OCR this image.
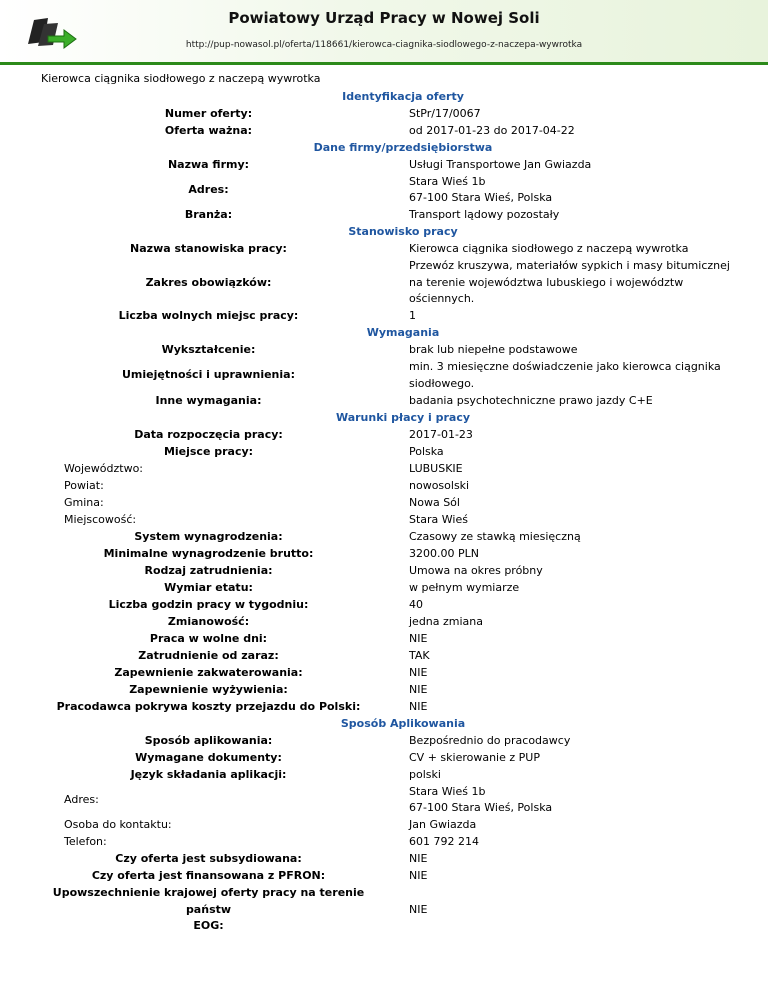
Powiatowy Urząd Pracy w Nowej Soli
http://pup-nowasol.pl/oferta/118661/kierowca-ciagnika-siodlowego-z-naczepa-wywrotka
Kierowca ciągnika siodłowego z naczepą wywrotka
Identyfikacja oferty
Numer oferty:	StPr/17/0067
Oferta ważna:	od 2017-01-23 do 2017-04-22
Dane firmy/przedsiębiorstwa
Nazwa firmy:	Usługi Transportowe Jan Gwiazda
Adres:
Stara Wieś 1b
67-100 Stara Wieś, Polska
Branża:	Transport lądowy pozostały
Stanowisko pracy
Nazwa stanowiska pracy:	Kierowca ciągnika siodłowego z naczepą wywrotka
Zakres obowiązków:
Przewóz kruszywa, materiałów sypkich i masy bitumicznej
na terenie województwa lubuskiego i województw
ościennych.
Liczba wolnych miejsc pracy:	1
Wymagania
Wykształcenie:	brak lub niepełne podstawowe
Umiejętności i uprawnienia:
min. 3 miesięczne doświadczenie jako kierowca ciągnika
siodłowego.
Inne wymagania:	badania psychotechniczne prawo jazdy C+E
Warunki płacy i pracy
Data rozpoczęcia pracy:	2017-01-23
Miejsce pracy:	Polska
Województwo:	LUBUSKIE
Powiat:	nowosolski
Gmina:	Nowa Sól
Miejscowość:	Stara Wieś
System wynagrodzenia:	Czasowy ze stawką miesięczną
Minimalne wynagrodzenie brutto:	3200.00 PLN
Rodzaj zatrudnienia:	Umowa na okres próbny
Wymiar etatu:	w pełnym wymiarze
Liczba godzin pracy w tygodniu:	40
Zmianowość:	jedna zmiana
Praca w wolne dni:	NIE
Zatrudnienie od zaraz:	TAK
Zapewnienie zakwaterowania:	NIE
Zapewnienie wyżywienia:	NIE
Pracodawca pokrywa koszty przejazdu do Polski:	NIE
Sposób Aplikowania
Sposób aplikowania:	Bezpośrednio do pracodawcy
Wymagane dokumenty:	CV + skierowanie z PUP
Język składania aplikacji:	polski
Adres:
Stara Wieś 1b
67-100 Stara Wieś, Polska
Osoba do kontaktu:	Jan Gwiazda
Telefon:	601 792 214
Czy oferta jest subsydiowana:	NIE
Czy oferta jest finansowana z PFRON:	NIE
Upowszechnienie krajowej oferty pracy na terenie państw
EOG:
NIE
